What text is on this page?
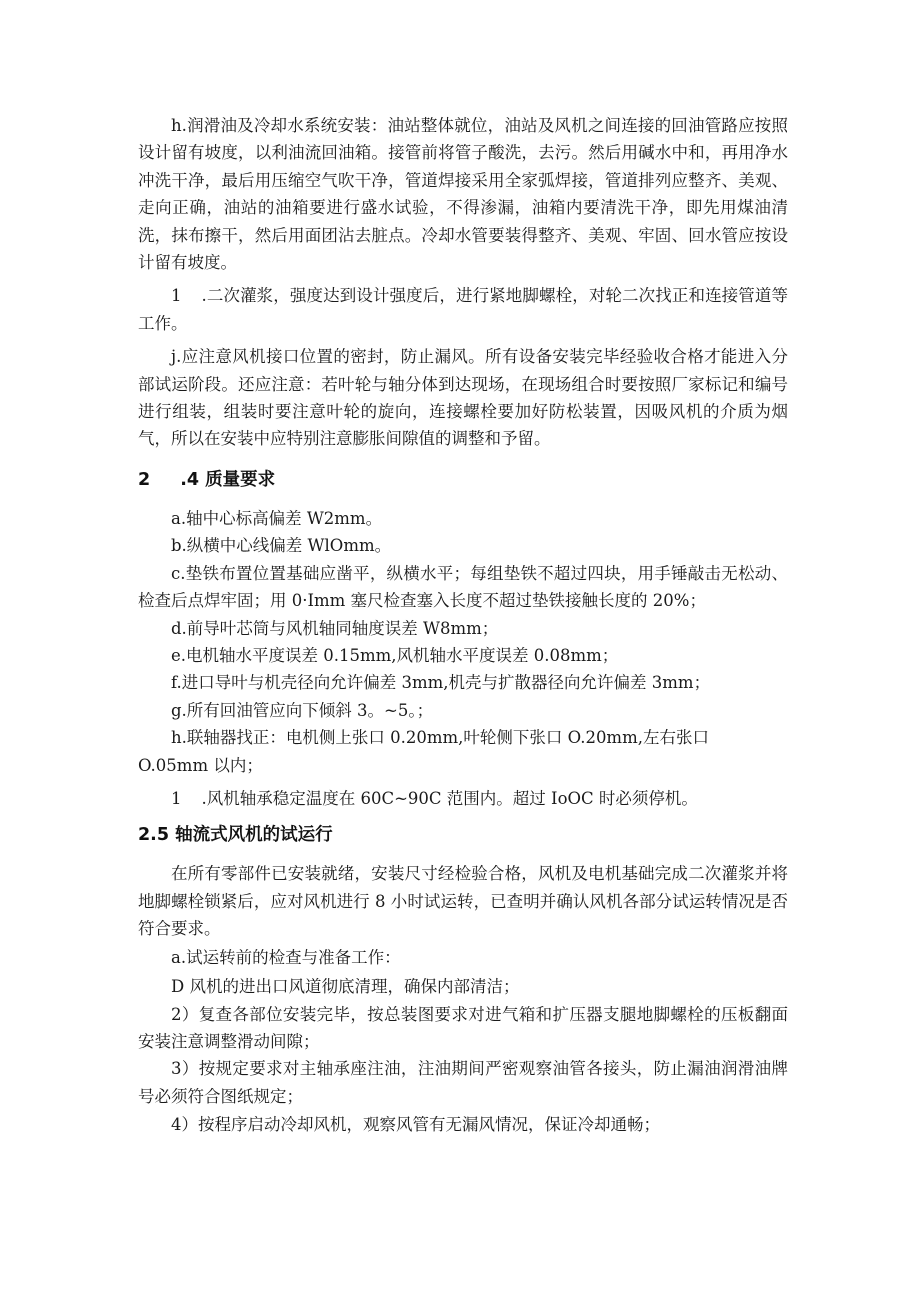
h.润滑油及冷却水系统安装：油站整体就位，油站及风机之间连接的回油管路应按照设计留有坡度，以利油流回油箱。接管前将管子酸洗，去污。然后用碱水中和，再用净水冲洗干净，最后用压缩空气吹干净，管道焊接采用全家弧焊接，管道排列应整齐、美观、走向正确，油站的油箱要进行盛水试验，不得渗漏，油箱内要清洗干净，即先用煤油清洗，抹布擦干，然后用面团沾去脏点。冷却水管要装得整齐、美观、牢固、回水管应按设计留有坡度。

1 .二次灌浆，强度达到设计强度后，进行紧地脚螺栓，对轮二次找正和连接管道等工作。

j.应注意风机接口位置的密封，防止漏风。所有设备安装完毕经验收合格才能进入分部试运阶段。还应注意：若叶轮与轴分体到达现场，在现场组合时要按照厂家标记和编号进行组装，组装时要注意叶轮的旋向，连接螺栓要加好防松装置，因吸风机的介质为烟气，所以在安装中应特别注意膨胀间隙值的调整和予留。

2 .4 质量要求

a.轴中心标高偏差 W2mm。

b.纵横中心线偏差 WlOmm。

c.垫铁布置位置基础应凿平，纵横水平；每组垫铁不超过四块，用手锤敲击无松动、检查后点焊牢固；用 0·Imm 塞尺检查塞入长度不超过垫铁接触长度的 20%；

d.前导叶芯筒与风机轴同轴度误差 W8mm；

e.电机轴水平度误差 0.15mm,风机轴水平度误差 0.08mm；

f.进口导叶与机壳径向允许偏差 3mm,机壳与扩散器径向允许偏差 3mm；

g.所有回油管应向下倾斜 3。~5。；

h.联轴器找正：电机侧上张口 0.20mm,叶轮侧下张口 O.20mm,左右张口

O.05mm 以内；

1 .风机轴承稳定温度在 60C~90C 范围内。超过 IoOC 时必须停机。

2.5 轴流式风机的试运行

在所有零部件已安装就绪，安装尺寸经检验合格，风机及电机基础完成二次灌浆并将地脚螺栓锁紧后，应对风机进行 8 小时试运转，已查明并确认风机各部分试运转情况是否符合要求。

a.试运转前的检查与准备工作：

D 风机的进出口风道彻底清理，确保内部清洁；

2）复查各部位安装完毕，按总装图要求对进气箱和扩压器支腿地脚螺栓的压板翻面安装注意调整滑动间隙；

3）按规定要求对主轴承座注油，注油期间严密观察油管各接头，防止漏油润滑油牌号必须符合图纸规定；

4）按程序启动冷却风机，观察风管有无漏风情况，保证冷却通畅；
